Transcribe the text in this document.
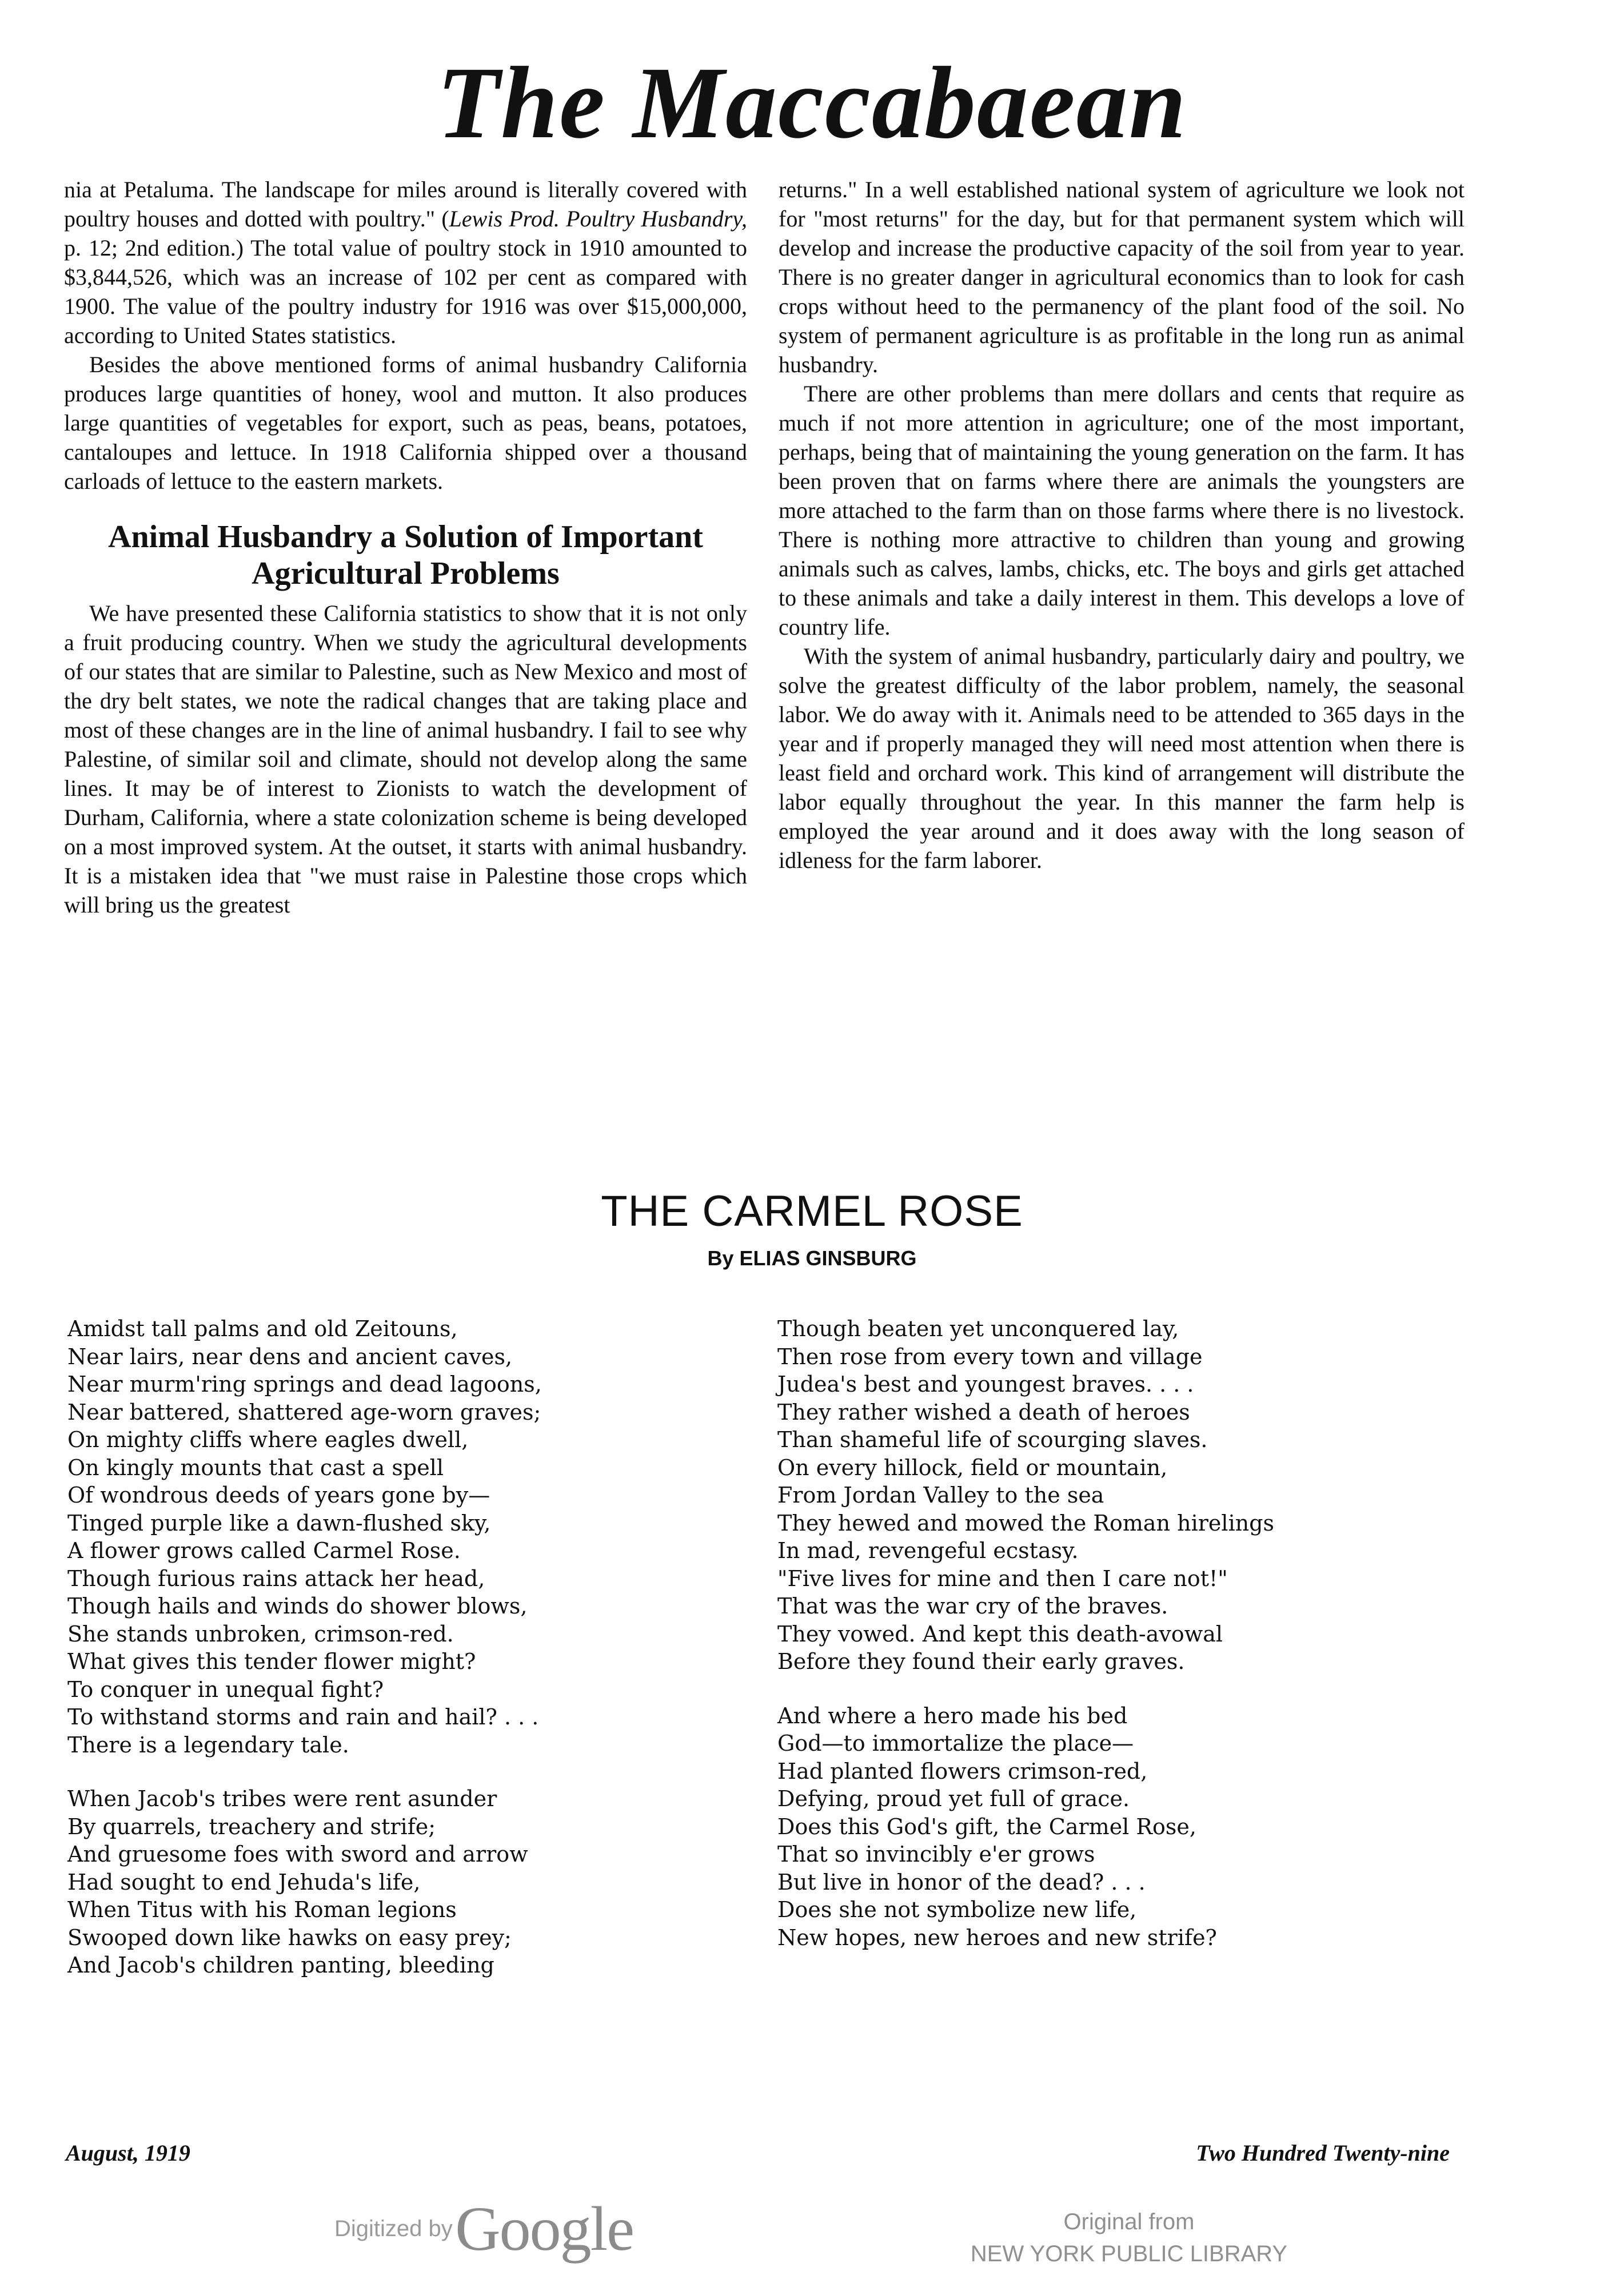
The Maccabaean

nia at Petaluma. The landscape for miles around is literally covered with poultry houses and dotted with poultry." (Lewis Prod. Poultry Husbandry, p. 12; 2nd edition.) The total value of poultry stock in 1910 amounted to $3,844,526, which was an increase of 102 per cent as compared with 1900. The value of the poultry industry for 1916 was over $15,000,000, according to United States statistics.

Besides the above mentioned forms of animal husbandry California produces large quantities of honey, wool and mutton. It also produces large quantities of vegetables for export, such as peas, beans, potatoes, cantaloupes and lettuce. In 1918 California shipped over a thousand carloads of lettuce to the eastern markets.

Animal Husbandry a Solution of Important Agricultural Problems

We have presented these California statistics to show that it is not only a fruit producing country. When we study the agricultural developments of our states that are similar to Palestine, such as New Mexico and most of the dry belt states, we note the radical changes that are taking place and most of these changes are in the line of animal husbandry. I fail to see why Palestine, of similar soil and climate, should not develop along the same lines. It may be of interest to Zionists to watch the development of Durham, California, where a state colonization scheme is being developed on a most improved system. At the outset, it starts with animal husbandry. It is a mistaken idea that "we must raise in Palestine those crops which will bring us the greatest

returns." In a well established national system of agriculture we look not for "most returns" for the day, but for that permanent system which will develop and increase the productive capacity of the soil from year to year. There is no greater danger in agricultural economics than to look for cash crops without heed to the permanency of the plant food of the soil. No system of permanent agriculture is as profitable in the long run as animal husbandry.

There are other problems than mere dollars and cents that require as much if not more attention in agriculture; one of the most important, perhaps, being that of maintaining the young generation on the farm. It has been proven that on farms where there are animals the youngsters are more attached to the farm than on those farms where there is no livestock. There is nothing more attractive to children than young and growing animals such as calves, lambs, chicks, etc. The boys and girls get attached to these animals and take a daily interest in them. This develops a love of country life.

With the system of animal husbandry, particularly dairy and poultry, we solve the greatest difficulty of the labor problem, namely, the seasonal labor. We do away with it. Animals need to be attended to 365 days in the year and if properly managed they will need most attention when there is least field and orchard work. This kind of arrangement will distribute the labor equally throughout the year. In this manner the farm help is employed the year around and it does away with the long season of idleness for the farm laborer.

THE CARMEL ROSE
By ELIAS GINSBURG
Amidst tall palms and old Zeitouns,
Near lairs, near dens and ancient caves,
Near murm'ring springs and dead lagoons,
Near battered, shattered age-worn graves;
On mighty cliffs where eagles dwell,
On kingly mounts that cast a spell
Of wondrous deeds of years gone by—
Tinged purple like a dawn-flushed sky,
A flower grows called Carmel Rose.
Though furious rains attack her head,
Though hails and winds do shower blows,
She stands unbroken, crimson-red.
What gives this tender flower might?
To conquer in unequal fight?
To withstand storms and rain and hail? . . .
There is a legendary tale.
When Jacob's tribes were rent asunder
By quarrels, treachery and strife;
And gruesome foes with sword and arrow
Had sought to end Jehuda's life,
When Titus with his Roman legions
Swooped down like hawks on easy prey;
And Jacob's children panting, bleeding
Though beaten yet unconquered lay,
Then rose from every town and village
Judea's best and youngest braves. . . .
They rather wished a death of heroes
Than shameful life of scourging slaves.
On every hillock, field or mountain,
From Jordan Valley to the sea
They hewed and mowed the Roman hirelings
In mad, revengeful ecstasy.
"Five lives for mine and then I care not!"
That was the war cry of the braves.
They vowed. And kept this death-avowal
Before they found their early graves.
And where a hero made his bed
God—to immortalize the place—
Had planted flowers crimson-red,
Defying, proud yet full of grace.
Does this God's gift, the Carmel Rose,
That so invincibly e'er grows
But live in honor of the dead? . . .
Does she not symbolize new life,
New hopes, new heroes and new strife?
August, 1919	Two Hundred Twenty-nine
Digitized by Google	Original from
NEW YORK PUBLIC LIBRARY
